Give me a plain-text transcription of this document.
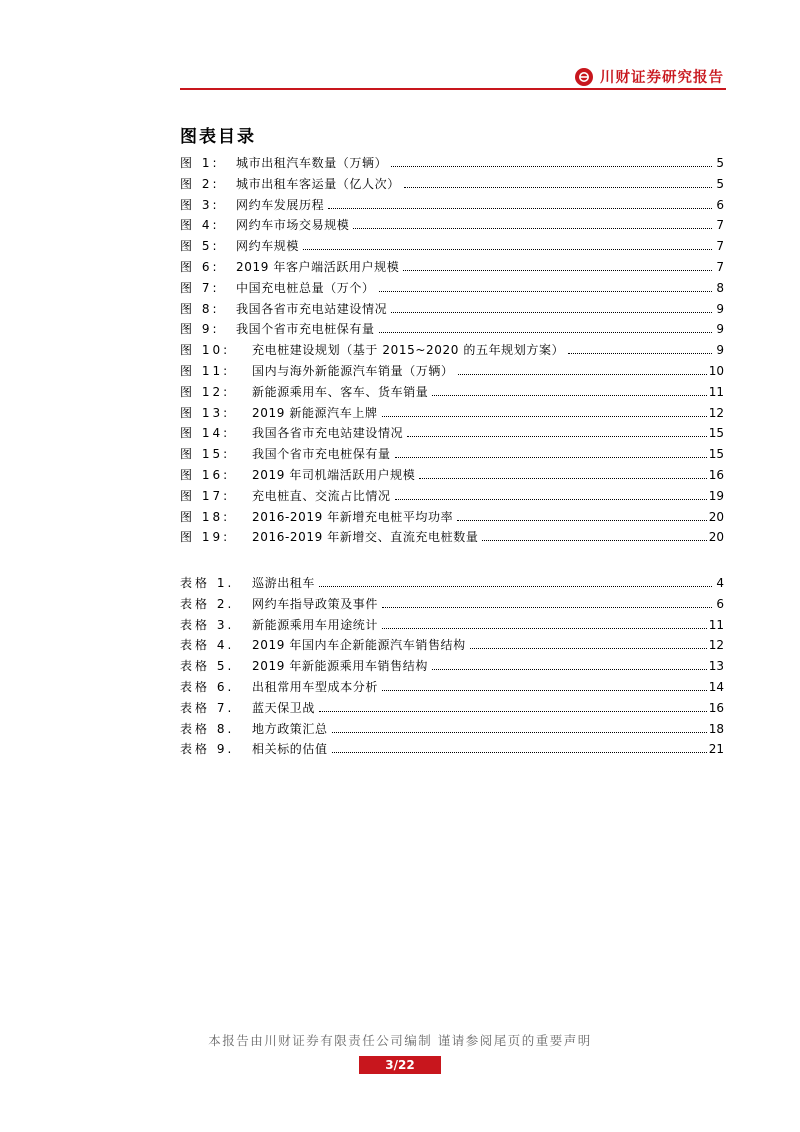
川财证券研究报告
图表目录
图 1:	城市出租汽车数量（万辆）	5
图 2:	城市出租车客运量（亿人次）	5
图 3:	网约车发展历程	6
图 4:	网约车市场交易规模	7
图 5:	网约车规模	7
图 6:	2019 年客户端活跃用户规模	7
图 7:	中国充电桩总量（万个）	8
图 8:	我国各省市充电站建设情况	9
图 9:	我国个省市充电桩保有量	9
图 10:	充电桩建设规划（基于 2015~2020 的五年规划方案）	9
图 11:	国内与海外新能源汽车销量（万辆）	10
图 12:	新能源乘用车、客车、货车销量	11
图 13:	2019 新能源汽车上牌	12
图 14:	我国各省市充电站建设情况	15
图 15:	我国个省市充电桩保有量	15
图 16:	2019 年司机端活跃用户规模	16
图 17:	充电桩直、交流占比情况	19
图 18:	2016-2019 年新增充电桩平均功率	20
图 19:	2016-2019 年新增交、直流充电桩数量	20
表格 1.	巡游出租车	4
表格 2.	网约车指导政策及事件	6
表格 3.	新能源乘用车用途统计	11
表格 4.	2019 年国内车企新能源汽车销售结构	12
表格 5.	2019 年新能源乘用车销售结构	13
表格 6.	出租常用车型成本分析	14
表格 7.	蓝天保卫战	16
表格 8.	地方政策汇总	18
表格 9.	相关标的估值	21
本报告由川财证券有限责任公司编制 谨请参阅尾页的重要声明
3/22
